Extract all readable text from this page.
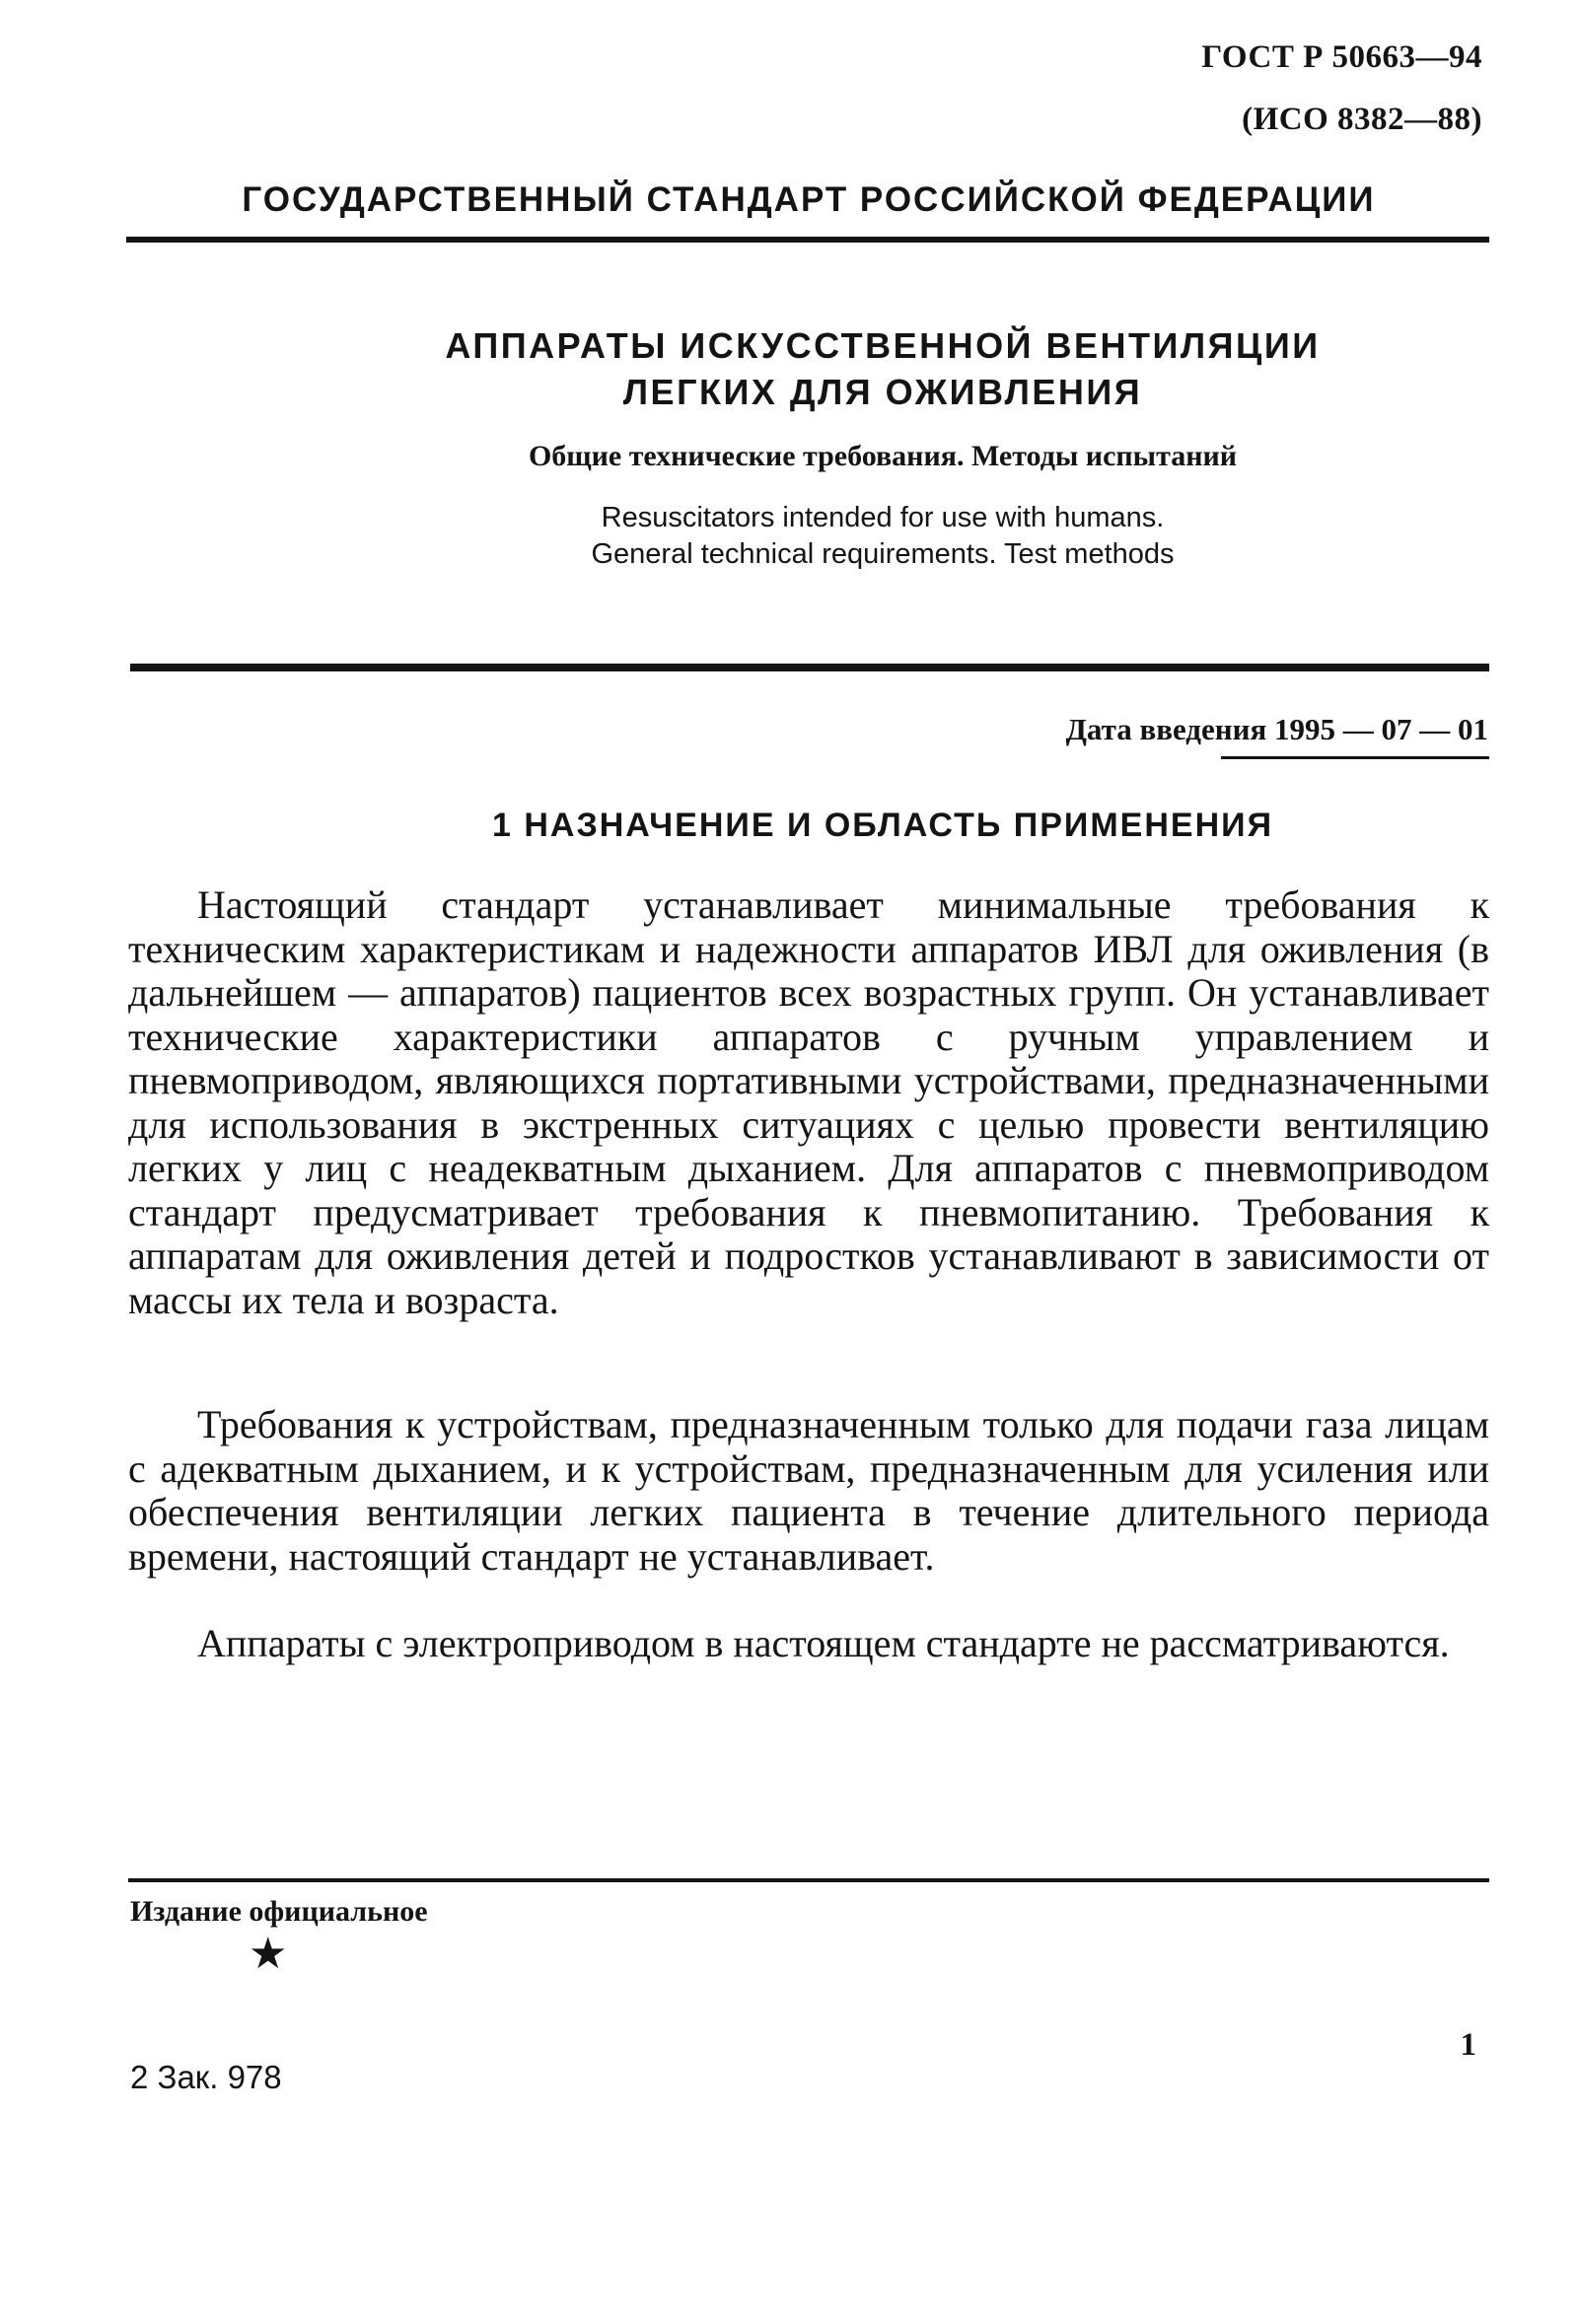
ГОСТ Р 50663—94
(ИСО 8382—88)
ГОСУДАРСТВЕННЫЙ СТАНДАРТ РОССИЙСКОЙ ФЕДЕРАЦИИ
АППАРАТЫ ИСКУССТВЕННОЙ ВЕНТИЛЯЦИИ
ЛЕГКИХ ДЛЯ ОЖИВЛЕНИЯ
Общие технические требования. Методы испытаний
Resuscitators intended for use with humans.
General technical requirements. Test methods
Дата введения 1995 — 07 — 01
1 НАЗНАЧЕНИЕ И ОБЛАСТЬ ПРИМЕНЕНИЯ

Настоящий стандарт устанавливает минимальные требования к техническим характеристикам и надежности аппаратов ИВЛ для оживления (в дальнейшем — аппаратов) пациентов всех возрастных групп. Он устанавливает технические характеристики аппаратов с ручным управлением и пневмоприводом, являющихся портативными устройствами, предназначенными для использования в экстренных ситуациях с целью провести вентиляцию легких у лиц с неадекватным дыханием. Для аппаратов с пневмоприводом стандарт предусматривает требования к пневмопитанию. Требования к аппаратам для оживления детей и подростков устанавливают в зависимости от массы их тела и возраста.

Требования к устройствам, предназначенным только для подачи газа лицам с адекватным дыханием, и к устройствам, предназначенным для усиления или обеспечения вентиляции легких пациента в течение длительного периода времени, настоящий стандарт не устанавливает.

Аппараты с электроприводом в настоящем стандарте не рассматриваются.

Издание официальное
★
1
2 Зак. 978
